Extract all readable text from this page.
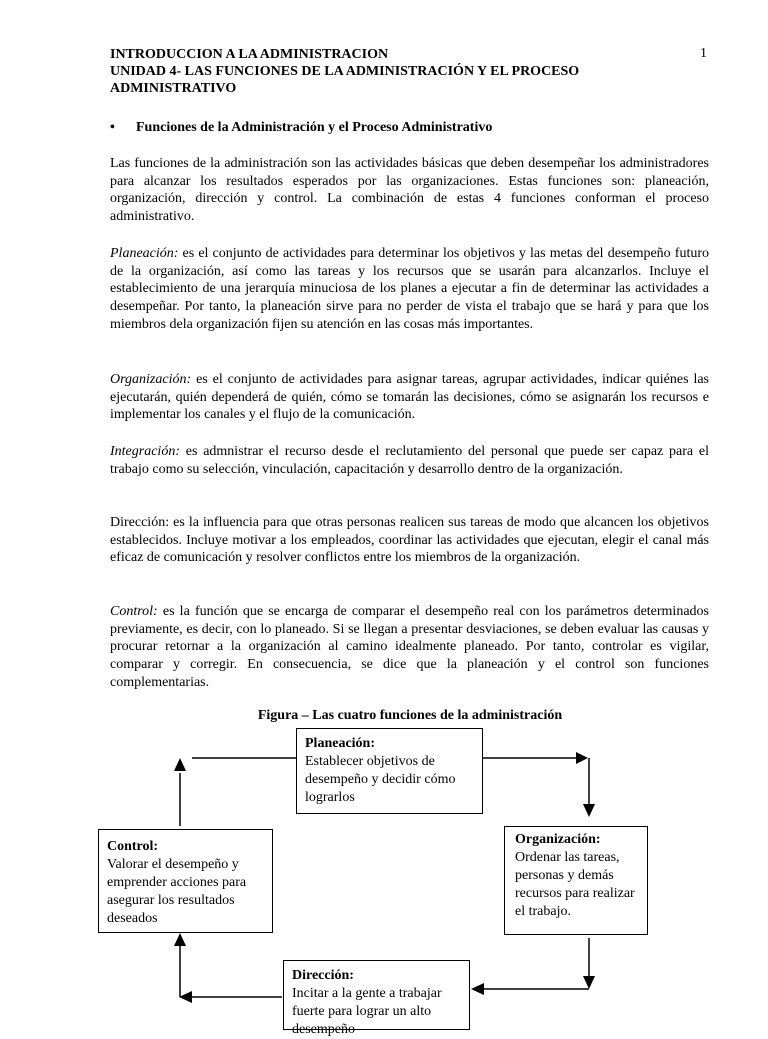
INTRODUCCION A LA ADMINISTRACION
UNIDAD 4- LAS FUNCIONES DE LA ADMINISTRACIÓN Y EL PROCESO
ADMINISTRATIVO
1
• Funciones de la Administración y el Proceso Administrativo
Las funciones de la administración son las actividades básicas que deben desempeñar los administradores para alcanzar los resultados esperados por las organizaciones. Estas funciones son: planeación, organización, dirección y control. La combinación de estas 4 funciones conforman el proceso administrativo.
Planeación: es el conjunto de actividades para determinar los objetivos y las metas del desempeño futuro de la organización, así como las tareas y los recursos que se usarán para alcanzarlos. Incluye el establecimiento de una jerarquía minuciosa de los planes a ejecutar a fin de determinar las actividades a desempeñar. Por tanto, la planeación sirve para no perder de vista el trabajo que se hará y para que los miembros dela organización fijen su atención en las cosas más importantes.
Organización: es el conjunto de actividades para asignar tareas, agrupar actividades, indicar quiénes las ejecutarán, quién dependerá de quién, cómo se tomarán las decisiones, cómo se asignarán los recursos e implementar los canales y el flujo de la comunicación.
Integración: es admnistrar el recurso desde el reclutamiento del personal que puede ser capaz para el trabajo como su selección, vinculación, capacitación y desarrollo dentro de la organización.
Dirección: es la influencia para que otras personas realicen sus tareas de modo que alcancen los objetivos establecidos. Incluye motivar a los empleados, coordinar las actividades que ejecutan, elegir el canal más eficaz de comunicación y resolver conflictos entre los miembros de la organización.
Control: es la función que se encarga de comparar el desempeño real con los parámetros determinados previamente, es decir, con lo planeado. Si se llegan a presentar desviaciones, se deben evaluar las causas y procurar retornar a la organización al camino idealmente planeado. Por tanto, controlar es vigilar, comparar y corregir. En consecuencia, se dice que la planeación y el control son funciones complementarias.
Figura – Las cuatro funciones de la administración
Planeación:
Establecer objetivos de desempeño y decidir cómo lograrlos
Organización:
Ordenar las tareas, personas y demás recursos para realizar el trabajo.
Control:
Valorar el desempeño y emprender acciones para asegurar los resultados deseados
Dirección:
Incitar a la gente a trabajar fuerte para lograr un alto desempeño
